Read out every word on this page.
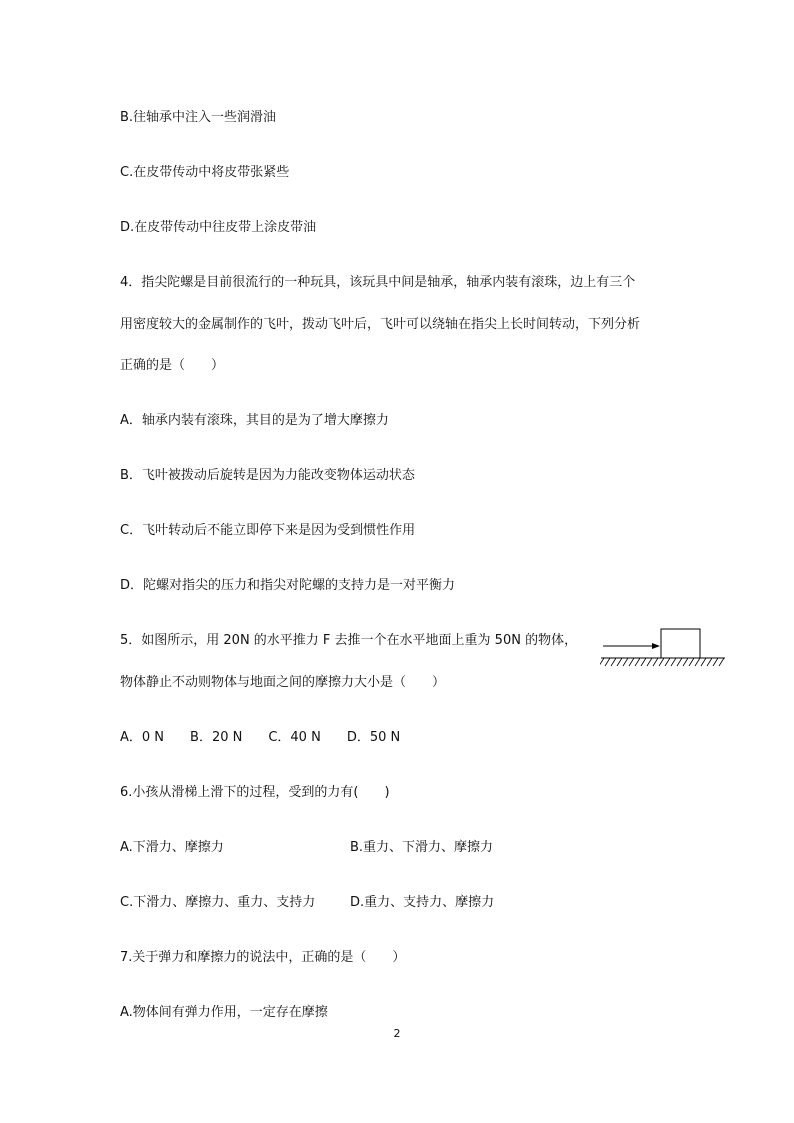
B.往轴承中注入一些润滑油
C.在皮带传动中将皮带张紧些
D.在皮带传动中往皮带上涂皮带油
4．指尖陀螺是目前很流行的一种玩具，该玩具中间是轴承，轴承内装有滚珠，边上有三个
用密度较大的金属制作的飞叶，拨动飞叶后，飞叶可以绕轴在指尖上长时间转动，下列分析
正确的是（　　）
A．轴承内装有滚珠，其目的是为了增大摩擦力
B．飞叶被拨动后旋转是因为力能改变物体运动状态
C．飞叶转动后不能立即停下来是因为受到惯性作用
D．陀螺对指尖的压力和指尖对陀螺的支持力是一对平衡力
5．如图所示，用 20N 的水平推力 F 去推一个在水平地面上重为 50N 的物体，
物体静止不动则物体与地面之间的摩擦力大小是（　　）
A．0 N　　B．20 N　　C．40 N　　D．50 N
6.小孩从滑梯上滑下的过程，受到的力有(　　)
A.下滑力、摩擦力	B.重力、下滑力、摩擦力
C.下滑力、摩擦力、重力、支持力	D.重力、支持力、摩擦力
7.关于弹力和摩擦力的说法中，正确的是（　　）
A.物体间有弹力作用，一定存在摩擦
2
